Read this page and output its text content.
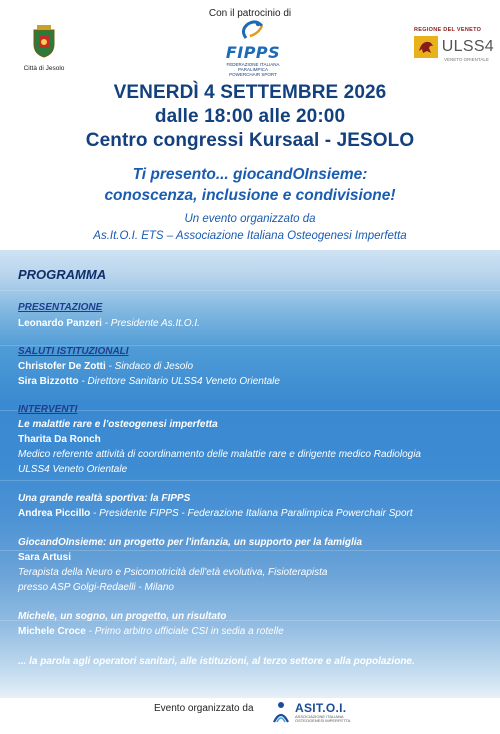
Con il patrocinio di
Città di Jesolo
FIPPS
FEDERAZIONE ITALIANA
PARALIMPICA
POWERCHAIR SPORT
REGIONE DEL VENETO
ULSS4
VENETO ORIENTALE
VENERDÌ 4 SETTEMBRE 2026
dalle 18:00 alle 20:00
Centro congressi Kursaal - JESOLO
Ti presento... giocandOInsieme:
conoscenza, inclusione e condivisione!
Un evento organizzato da
As.It.O.I. ETS – Associazione Italiana Osteogenesi Imperfetta
PROGRAMMA
PRESENTAZIONE
Leonardo Panzeri - Presidente As.It.O.I.
SALUTI ISTITUZIONALI
Christofer De Zotti - Sindaco di Jesolo
Sira Bizzotto - Direttore Sanitario ULSS4 Veneto Orientale
INTERVENTI
Le malattie rare e l'osteogenesi imperfetta
Tharita Da Ronch
Medico referente attività di coordinamento delle malattie rare e dirigente medico Radiologia
ULSS4 Veneto Orientale
Una grande realtà sportiva: la FIPPS
Andrea Piccillo - Presidente FIPPS - Federazione Italiana Paralimpica Powerchair Sport
GiocandOInsieme: un progetto per l'infanzia, un supporto per la famiglia
Sara Artusi
Terapista della Neuro e Psicomotricità dell'età evolutiva, Fisioterapista
presso ASP Golgi-Redaelli - Milano
Michele, un sogno, un progetto, un risultato
Michele Croce - Primo arbitro ufficiale CSI in sedia a rotelle
... la parola agli operatori sanitari, alle istituzioni, al terzo settore e alla popolazione.
Evento organizzato da	ASIT.O.I.
ASSOCIAZIONE ITALIANA
OSTEOGENESI IMPERFETTA
